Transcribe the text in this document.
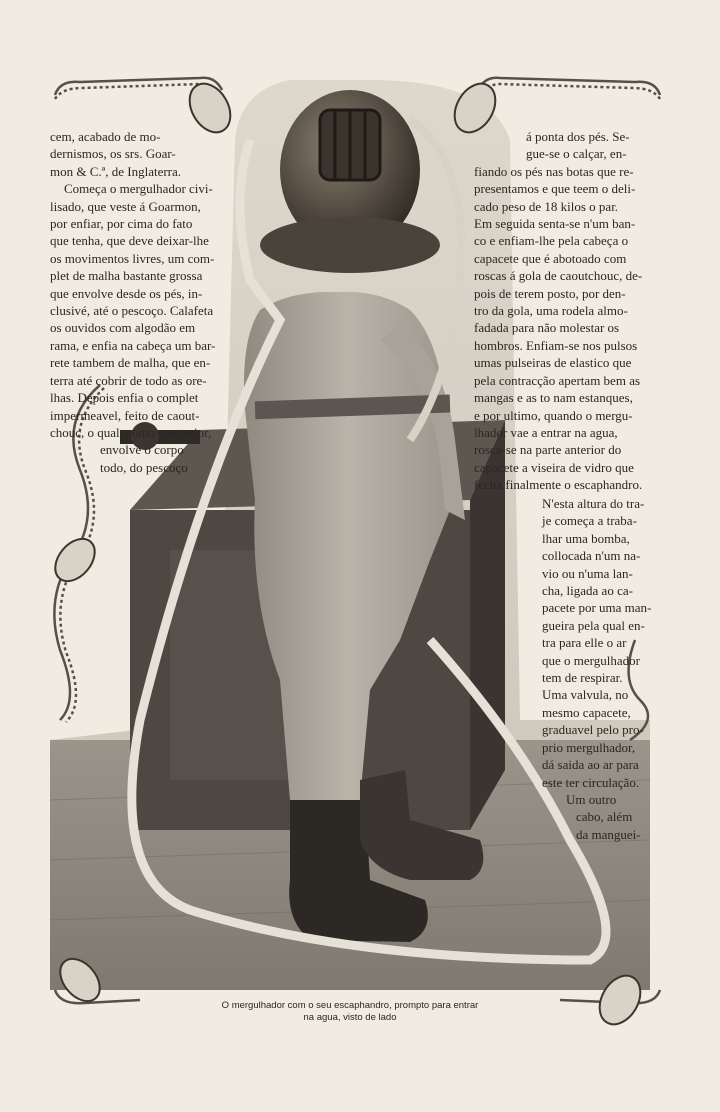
cem, acabado de mo-
dernismos, os srs. Goar-
mon & C.ª, de Inglaterra.
Começa o mergulhador civi-
lisado, que veste á Goarmon,
por enfiar, por cima do fato
que tenha, que deve deixar-lhe
os movimentos livres, um com-
plet de malha bastante grossa
que envolve desde os pés, in-
clusivé, até o pescoço. Calafeta
os ouvidos com algodão em
rama, e enfia na cabeça um bar-
rete tambem de malha, que en-
terra até cobrir de todo as ore-
lhas. Depois enfia o complet
impermeavel, feito de caout-
chouc, o qual, como o anterior,
envolve o corpo
todo, do pescoço
á ponta dos pés. Se-
gue-se o calçar, en-
fiando os pés nas botas que re-
presentamos e que teem o deli-
cado peso de 18 kilos o par.
Em seguida senta-se n'um ban-
co e enfiam-lhe pela cabeça o
capacete que é abotoado com
roscas á gola de caoutchouc, de-
pois de terem posto, por den-
tro da gola, uma rodela almo-
fadada para não molestar os
hombros. Enfiam-se nos pulsos
umas pulseiras de elastico que
pela contracção apertam bem as
mangas e as to nam estanques,
e por ultimo, quando o mergu-
lhador vae a entrar na agua,
rosca-se na parte anterior do
capacete a viseira de vidro que
fecha finalmente o escaphandro.
N'esta altura do tra-
je começa a traba-
lhar uma bomba,
collocada n'um na-
vio ou n'uma lan-
cha, ligada ao ca-
pacete por uma man-
gueira pela qual en-
tra para elle o ar
que o mergulhador
tem de respirar.
Uma valvula, no
mesmo capacete,
graduavel pelo pro-
prio mergulhador,
dá saida ao ar para
este ter circulação.
Um outro
cabo, além
da manguei-
O mergulhador com o seu escaphandro, prompto para entrar
na agua, visto de lado
